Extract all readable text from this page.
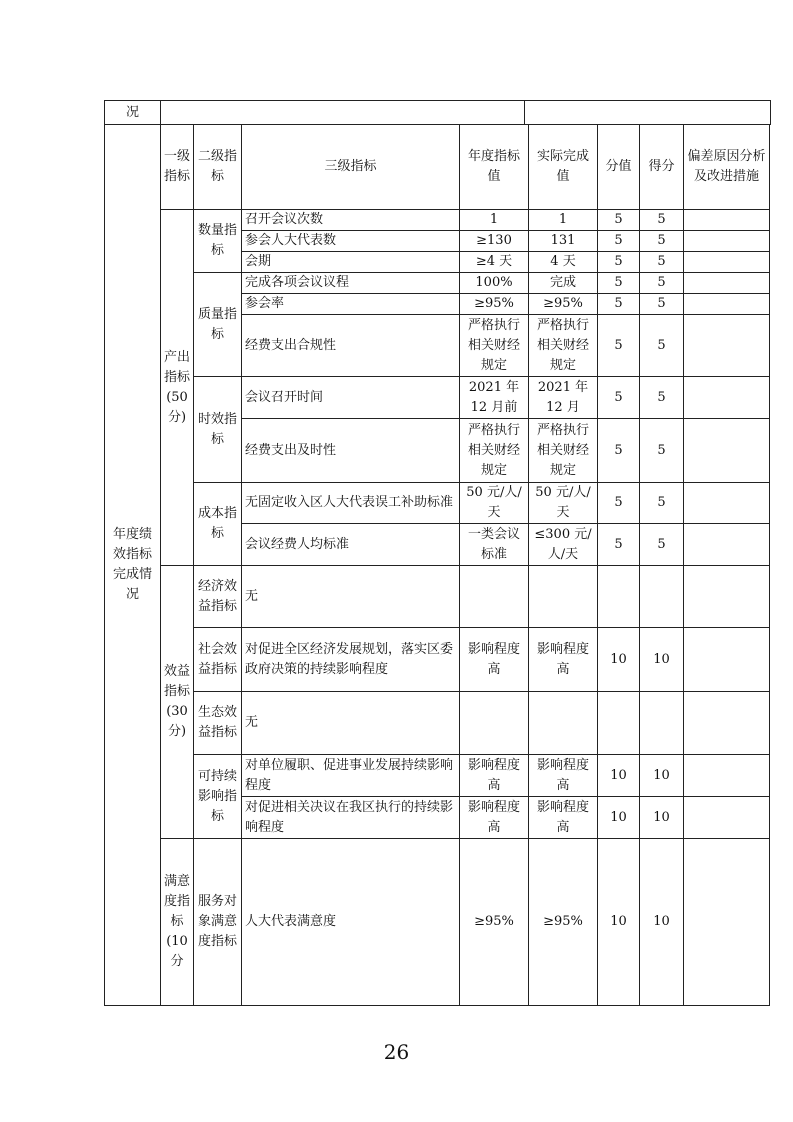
况		
年度绩效指标完成情况	一级指标	二级指标	三级指标	年度指标值	实际完成值	分值	得分	偏差原因分析及改进措施
	产出指标(50分)	数量指标	召开会议次数	1	1	5	5	
			参会人大代表数	≥130	131	5	5	
			会期	≥4 天	4 天	5	5	
		质量指标	完成各项会议议程	100%	完成	5	5	
			参会率	≥95%	≥95%	5	5	
			经费支出合规性	严格执行相关财经规定	严格执行相关财经规定	5	5	
		时效指标	会议召开时间	2021 年12 月前	2021 年12 月	5	5	
			经费支出及时性	严格执行相关财经规定	严格执行相关财经规定	5	5	
		成本指标	无固定收入区人大代表误工补助标准	50 元/人/天	50 元/人/天	5	5	
			会议经费人均标准	一类会议标准	≤300 元/人/天	5	5	
	效益指标(30分)	经济效益指标	无					
		社会效益指标	对促进全区经济发展规划，落实区委政府决策的持续影响程度	影响程度高	影响程度高	10	10	
		生态效益指标	无					
		可持续影响指标	对单位履职、促进事业发展持续影响程度	影响程度高	影响程度高	10	10	
			对促进相关决议在我区执行的持续影响程度	影响程度高	影响程度高	10	10	
	满意度指标(10分	服务对象满意度指标	人大代表满意度	≥95%	≥95%	10	10	
26
